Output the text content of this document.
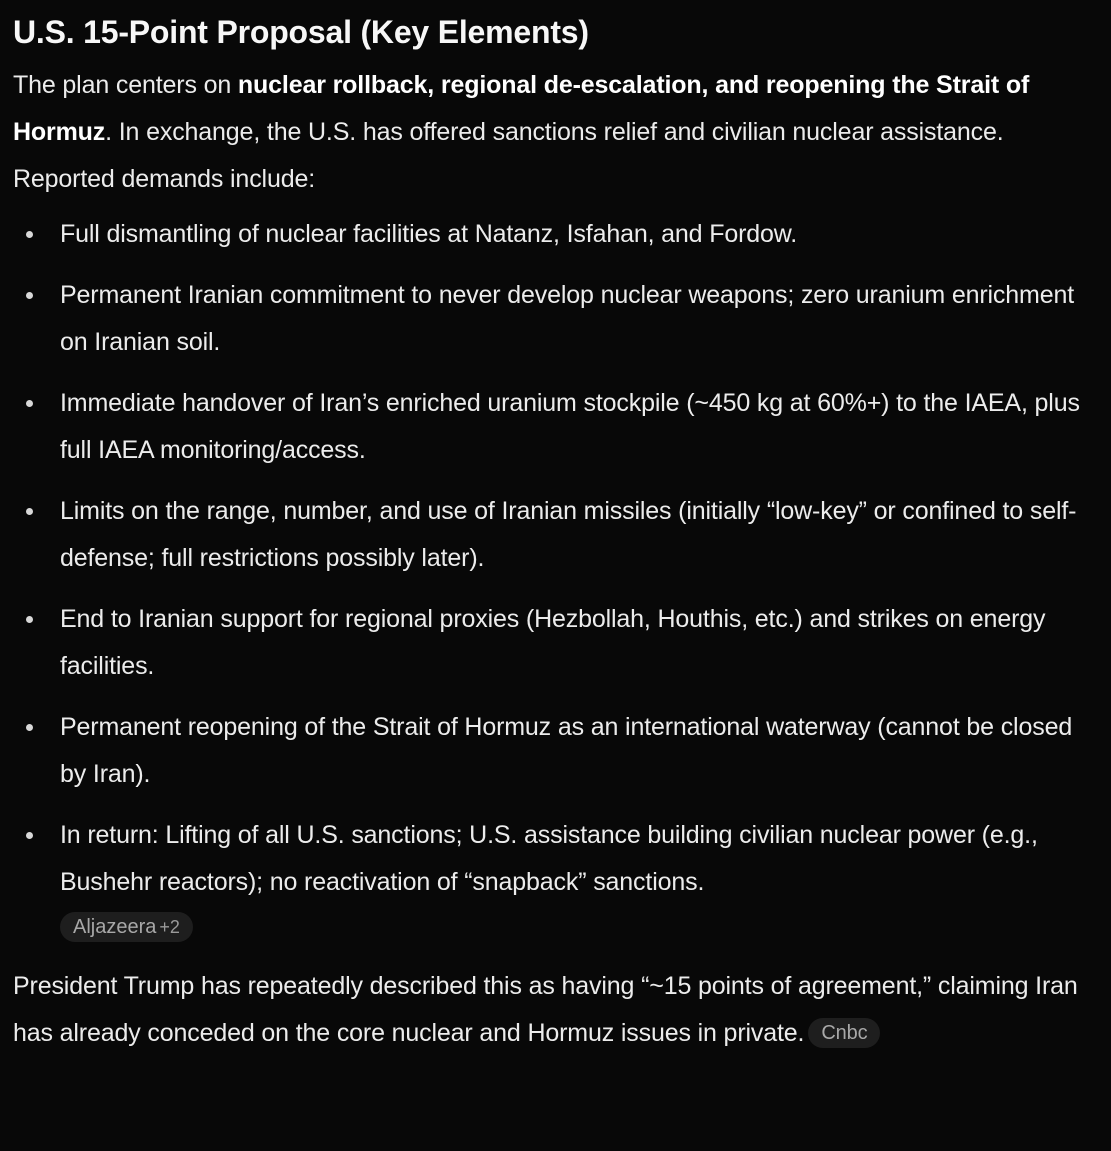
U.S. 15-Point Proposal (Key Elements)

The plan centers on nuclear rollback, regional de-escalation, and reopening the Strait of Hormuz. In exchange, the U.S. has offered sanctions relief and civilian nuclear assistance. Reported demands include:

Full dismantling of nuclear facilities at Natanz, Isfahan, and Fordow.
Permanent Iranian commitment to never develop nuclear weapons; zero uranium enrichment on Iranian soil.
Immediate handover of Iran’s enriched uranium stockpile (~450 kg at 60%+) to the IAEA, plus full IAEA monitoring/access.
Limits on the range, number, and use of Iranian missiles (initially “low-key” or confined to self-defense; full restrictions possibly later).
End to Iranian support for regional proxies (Hezbollah, Houthis, etc.) and strikes on energy facilities.
Permanent reopening of the Strait of Hormuz as an international waterway (cannot be closed by Iran).
In return: Lifting of all U.S. sanctions; U.S. assistance building civilian nuclear power (e.g., Bushehr reactors); no reactivation of “snapback” sanctions.
Aljazeera +2

President Trump has repeatedly described this as having “~15 points of agreement,” claiming Iran has already conceded on the core nuclear and Hormuz issues in private. Cnbc
